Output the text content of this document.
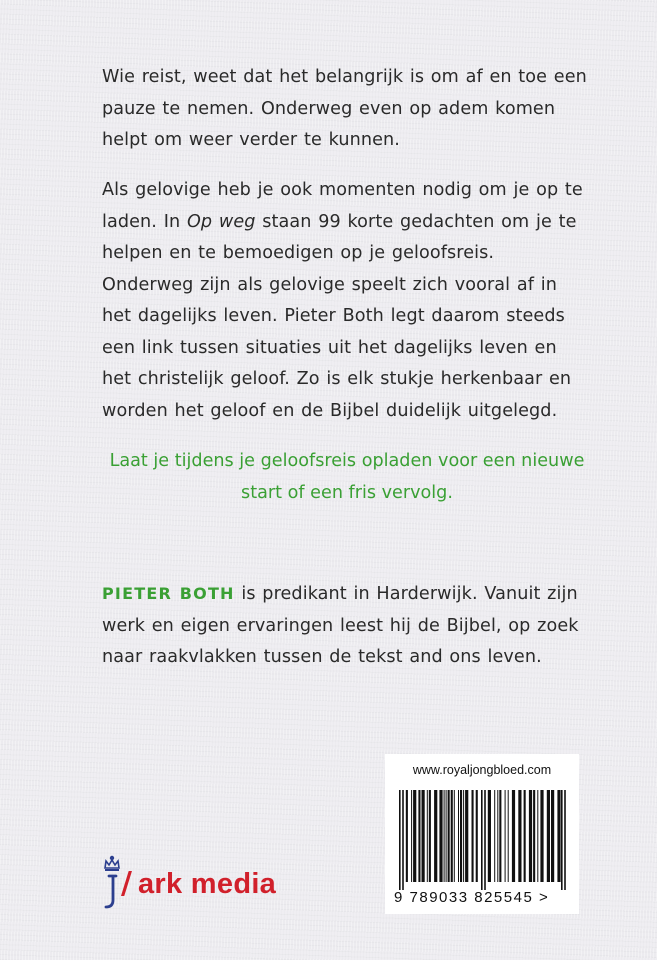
Wie reist, weet dat het belangrijk is om af en toe een pauze te nemen. Onderweg even op adem komen helpt om weer verder te kunnen.

Als gelovige heb je ook momenten nodig om je op te laden. In Op weg staan 99 korte gedachten om je te helpen en te bemoedigen op je geloofsreis. Onderweg zijn als gelovige speelt zich vooral af in het dagelijks leven. Pieter Both legt daarom steeds een link tussen situaties uit het dagelijks leven en het christelijk geloof. Zo is elk stukje herkenbaar en worden het geloof en de Bijbel duidelijk uitgelegd.

Laat je tijdens je geloofsreis opladen voor een nieuwe start of een fris vervolg.

PIETER BOTH is predikant in Harderwijk. Vanuit zijn werk en eigen ervaringen leest hij de Bijbel, op zoek naar raakvlakken tussen de tekst and ons leven.

www.royaljongbloed.com
9 789033 825545 >
/ ark media
